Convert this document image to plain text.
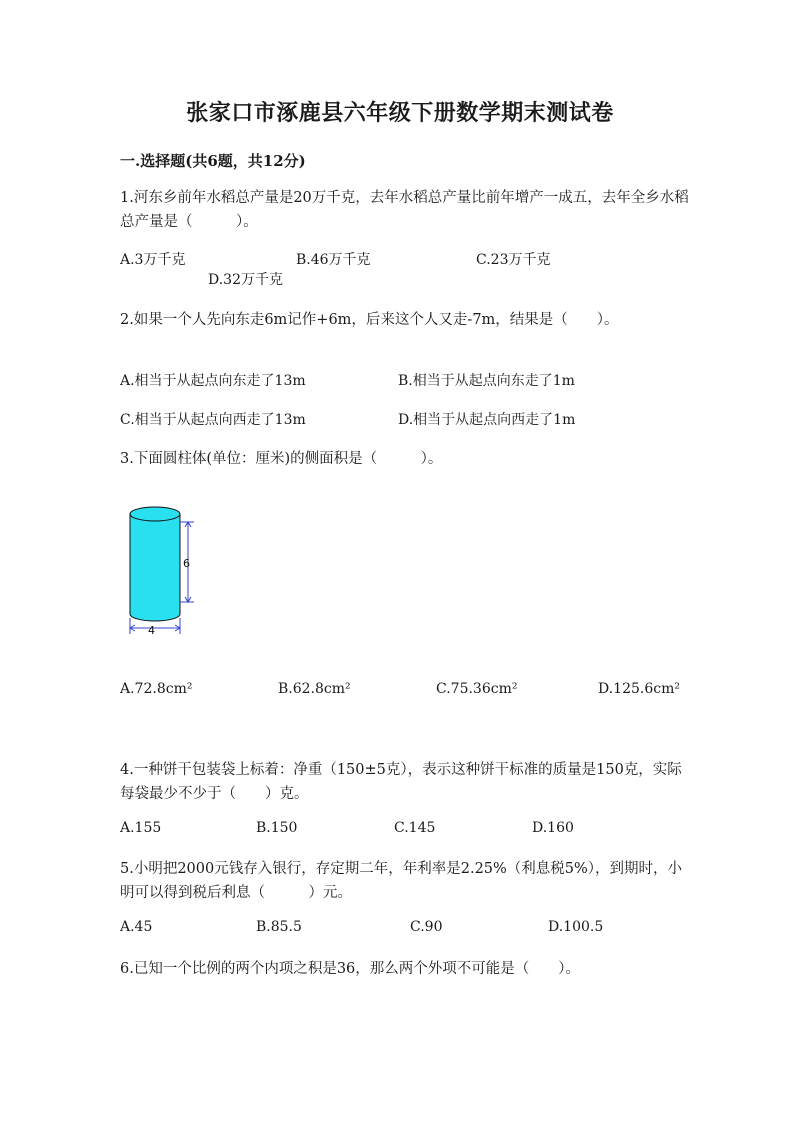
张家口市涿鹿县六年级下册数学期末测试卷
一.选择题(共6题，共12分)
1.河东乡前年水稻总产量是20万千克，去年水稻总产量比前年增产一成五，去年全乡水稻总产量是（　　　）。
A.3万千克	B.46万千克	C.23万千克
D.32万千克
2.如果一个人先向东走6m记作+6m，后来这个人又走-7m，结果是（　　）。
A.相当于从起点向东走了13m	B.相当于从起点向东走了1m
C.相当于从起点向西走了13m	D.相当于从起点向西走了1m
3.下面圆柱体(单位：厘米)的侧面积是（　　　）。
6
4
A.72.8cm²	B.62.8cm²	C.75.36cm²	D.125.6cm²
4.一种饼干包装袋上标着：净重（150±5克），表示这种饼干标准的质量是150克，实际每袋最少不少于（　　）克。
A.155	B.150	C.145	D.160
5.小明把2000元钱存入银行，存定期二年，年利率是2.25%（利息税5%），到期时，小明可以得到税后利息（　　　）元。
A.45	B.85.5	C.90	D.100.5
6.已知一个比例的两个内项之积是36，那么两个外项不可能是（　　）。
